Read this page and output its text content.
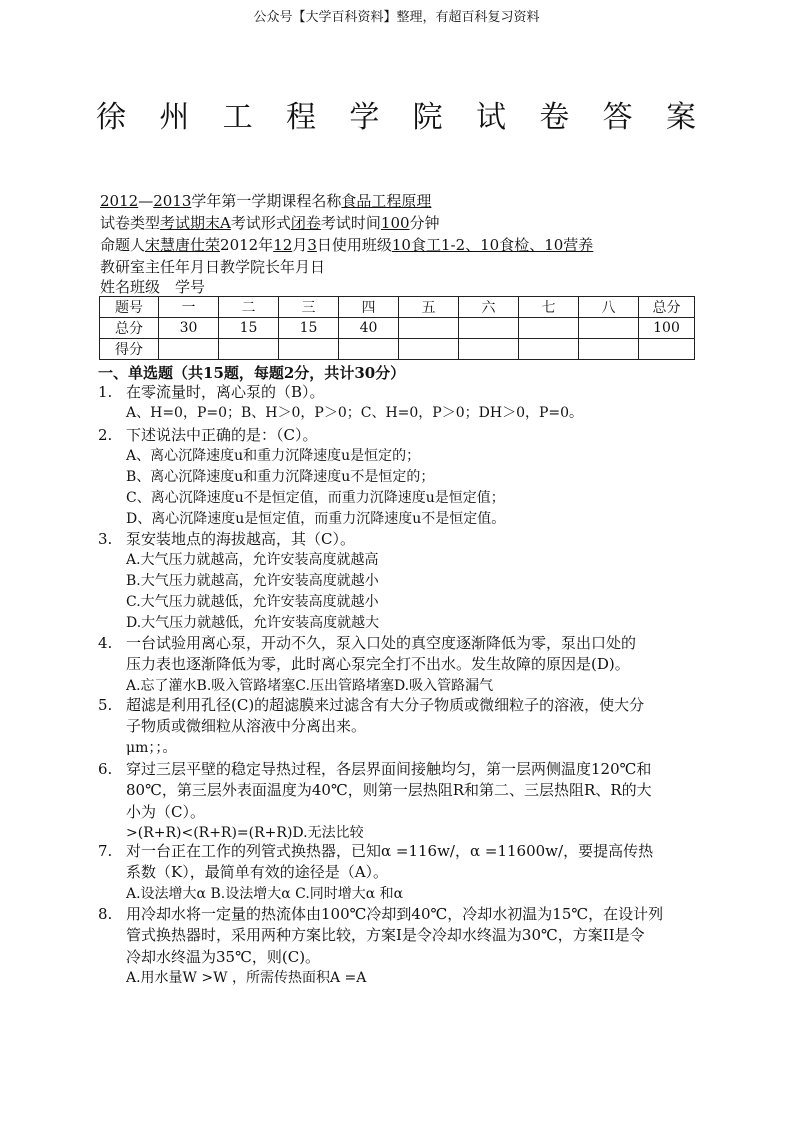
公众号【大学百科资料】整理，有超百科复习资料
徐 州 工 程 学 院 试 卷 答 案
2012—2013学年第一学期课程名称食品工程原理
试卷类型考试期末A考试形式闭卷考试时间100分钟
命题人宋慧唐仕荣2012年12月3日使用班级10食工1-2、10食检、10营养
教研室主任年月日教学院长年月日
姓名班级　学号
题号	一	二	三	四	五	六	七	八	总分
总分	30	15	15	40					100
得分									
一、单选题（共15题，每题2分，共计30分）
1. 在零流量时，离心泵的（B）。
A、H=0，P=0；B、H＞0，P＞0；C、H=0，P＞0；DH＞0，P=0。
2. 下述说法中正确的是：（C）。
A、离心沉降速度u和重力沉降速度u是恒定的；
B、离心沉降速度u和重力沉降速度u不是恒定的；
C、离心沉降速度u不是恒定值，而重力沉降速度u是恒定值；
D、离心沉降速度u是恒定值，而重力沉降速度u不是恒定值。
3. 泵安装地点的海拔越高，其（C）。
A.大气压力就越高，允许安装高度就越高
B.大气压力就越高，允许安装高度就越小
C.大气压力就越低，允许安装高度就越小
D.大气压力就越低，允许安装高度就越大
4. 一台试验用离心泵，开动不久，泵入口处的真空度逐渐降低为零，泵出口处的
压力表也逐渐降低为零，此时离心泵完全打不出水。发生故障的原因是(D)。
A.忘了灌水B.吸入管路堵塞C.压出管路堵塞D.吸入管路漏气
5. 超滤是利用孔径(C)的超滤膜来过滤含有大分子物质或微细粒子的溶液，使大分
子物质或微细粒从溶液中分离出来。
μm；；。
6. 穿过三层平壁的稳定导热过程，各层界面间接触均匀，第一层两侧温度120℃和
80℃，第三层外表面温度为40℃，则第一层热阻R和第二、三层热阻R、R的大
小为（C）。
>(R+R)<(R+R)=(R+R)D.无法比较
7. 对一台正在工作的列管式换热器，已知α =116w/，α =11600w/，要提高传热
系数（K），最简单有效的途径是（A）。
A.设法增大α B.设法增大α C.同时增大α 和α
8. 用冷却水将一定量的热流体由100℃冷却到40℃，冷却水初温为15℃，在设计列
管式换热器时，采用两种方案比较，方案I是令冷却水终温为30℃，方案II是令
冷却水终温为35℃，则(C)。
A.用水量W >W ，所需传热面积A =A
